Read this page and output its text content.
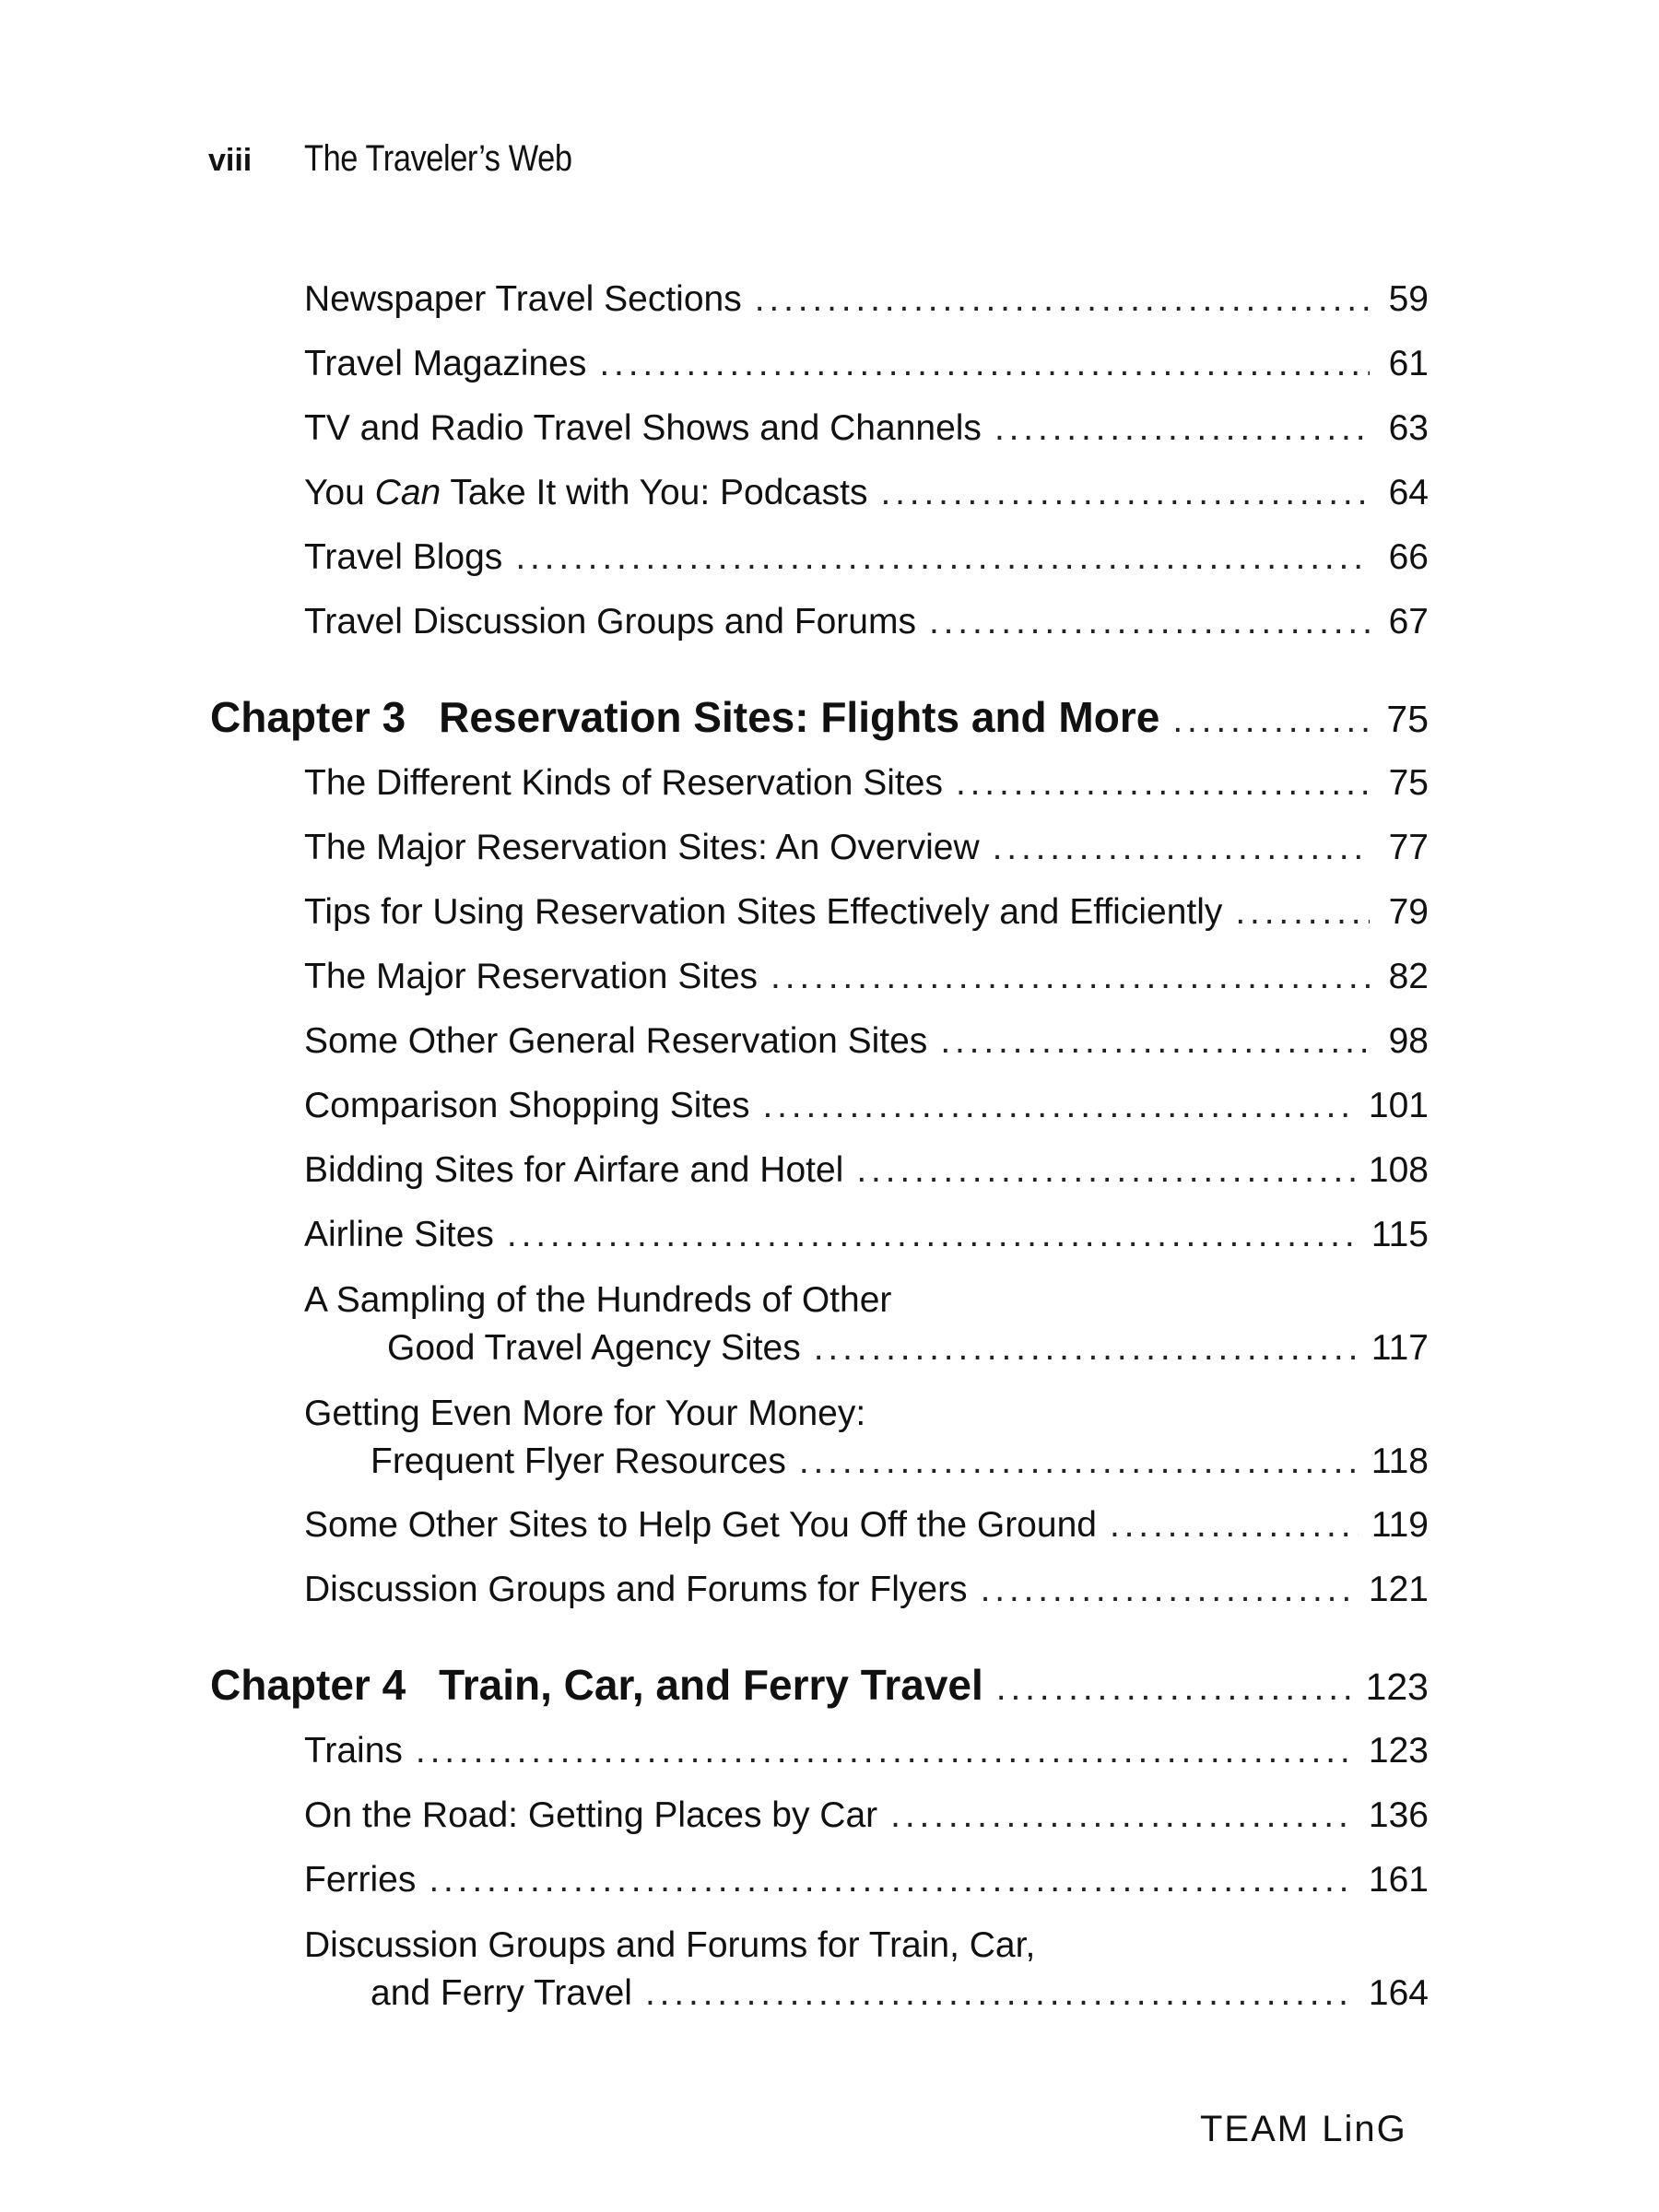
viii	The Traveler’s Web
Newspaper Travel Sections . . .	59
Travel Magazines . . .	61
TV and Radio Travel Shows and Channels . . .	63
You Can Take It with You: Podcasts . . .	64
Travel Blogs . . .	66
Travel Discussion Groups and Forums . . .	67
Chapter 3 Reservation Sites: Flights and More . . .	75
The Different Kinds of Reservation Sites . . .	75
The Major Reservation Sites: An Overview . . .	77
Tips for Using Reservation Sites Effectively and Efficiently . . .	79
The Major Reservation Sites . . .	82
Some Other General Reservation Sites . . .	98
Comparison Shopping Sites . . .	101
Bidding Sites for Airfare and Hotel . . .	108
Airline Sites . . .	115
A Sampling of the Hundreds of Other
Good Travel Agency Sites . . .	117
Getting Even More for Your Money:
Frequent Flyer Resources . . .	118
Some Other Sites to Help Get You Off the Ground . . .	119
Discussion Groups and Forums for Flyers . . .	121
Chapter 4 Train, Car, and Ferry Travel . . .	123
Trains . . .	123
On the Road: Getting Places by Car . . .	136
Ferries . . .	161
Discussion Groups and Forums for Train, Car,
and Ferry Travel . . .	164
TEAM LinG
